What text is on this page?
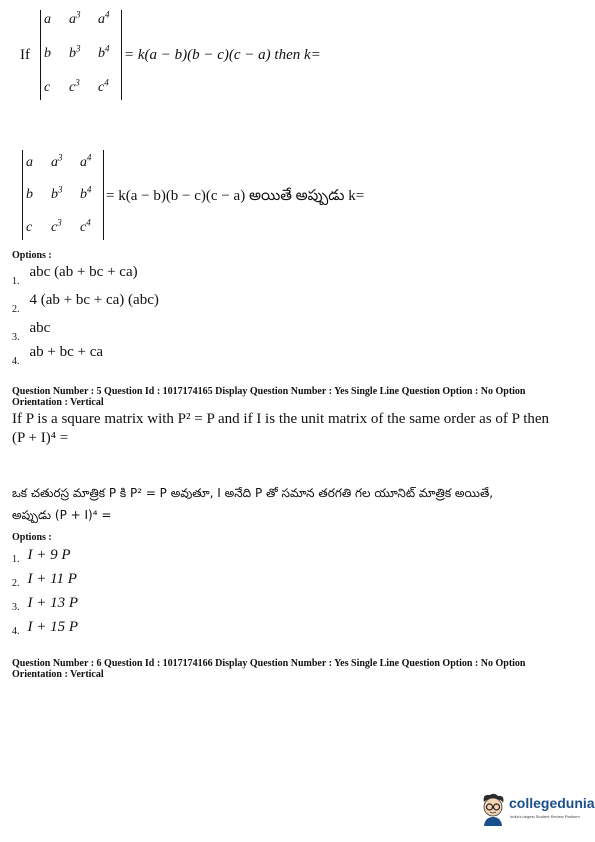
If
a $a^3$ $a^4$
b $b^3$ $b^4$
c $c^3$ $c^4$
= k(a − b)(b − c)(c − a) then k=
a $a^3$ $a^4$
b $b^3$ $b^4$
c $c^3$ $c^4$
= k(a − b)(b − c)(c − a) అయితే అప్పుడు k=
Options :
$_{1.}$ abc (ab + bc + ca)
$_{2.}$ 4 (ab + bc + ca) (abc)
$_{3.}$ abc
$_{4.}$ ab + bc + ca
Question Number : 5 Question Id : 1017174165 Display Question Number : Yes Single Line Question Option : No Option
Orientation : Vertical
If P is a square matrix with P² = P and if I is the unit matrix of the same order as of P then
(P + I)⁴ =
ఒక చతురస్ర మాత్రిక P కి P² = P అవుతూ, I అనేది P తో సమాన తరగతి గల యూనిట్ మాత్రిక అయితే,
అప్పుడు (P + I)⁴ =
Options :
1. I + 9 P
2. I + 11 P
3. I + 13 P
4. I + 15 P
Question Number : 6 Question Id : 1017174166 Display Question Number : Yes Single Line Question Option : No Option
Orientation : Vertical
collegedunia
India's largest Student Review Platform
